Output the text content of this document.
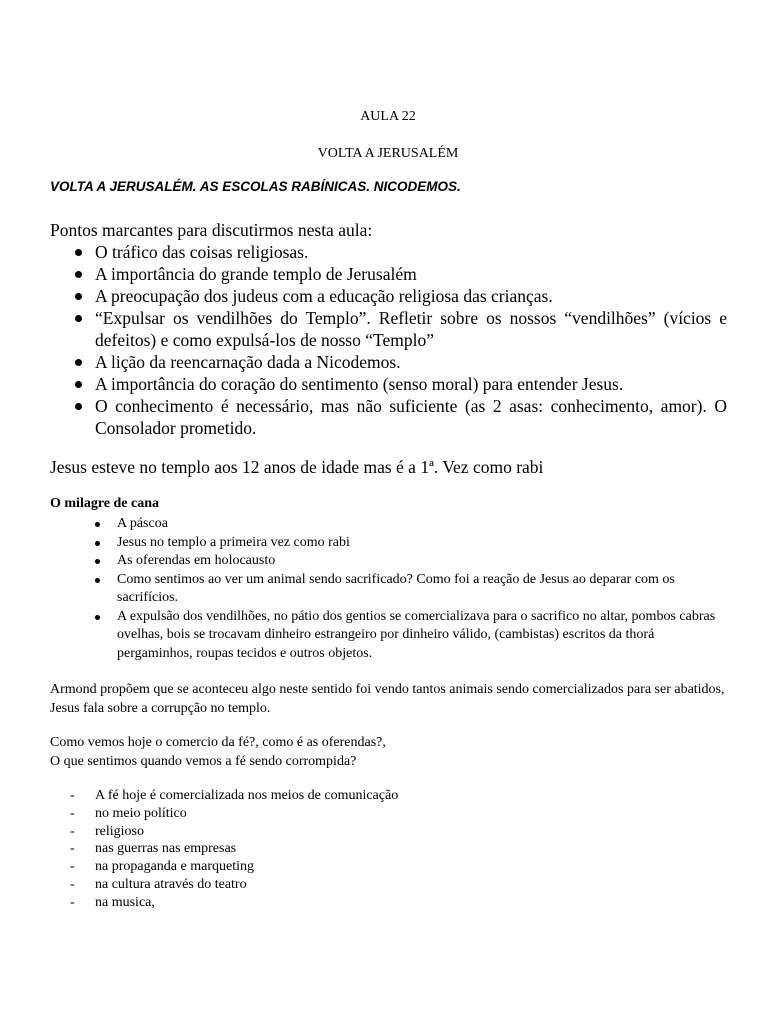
AULA 22
VOLTA A JERUSALÉM
VOLTA A JERUSALÉM. AS ESCOLAS RABÍNICAS. NICODEMOS.
Pontos marcantes para discutirmos nesta aula:
O tráfico das coisas religiosas.
A importância do grande templo de Jerusalém
A preocupação dos judeus com a educação religiosa das crianças.
“Expulsar os vendilhões do Templo”. Refletir sobre os nossos “vendilhões” (vícios e defeitos) e como expulsá-los de nosso “Templo”
A lição da reencarnação dada a Nicodemos.
A importância do coração do sentimento (senso moral) para entender Jesus.
O conhecimento é necessário, mas não suficiente (as 2 asas: conhecimento, amor). O Consolador prometido.
Jesus esteve no templo aos 12 anos de idade mas é a 1ª. Vez como rabi
O milagre de cana
A páscoa
Jesus no templo a primeira vez como rabi
As oferendas em holocausto
Como sentimos ao ver um animal sendo sacrificado? Como foi a reação de Jesus ao deparar com os sacrifícios.
A expulsão dos vendilhões, no pátio dos gentios se comercializava para o sacrifico no altar, pombos cabras ovelhas, bois se trocavam dinheiro estrangeiro por dinheiro válido, (cambistas) escritos da thorá pergaminhos, roupas tecidos e outros objetos.
Armond propõem que se aconteceu algo neste sentido foi vendo tantos animais sendo comercializados para ser abatidos, Jesus fala sobre a corrupção no templo.
Como vemos hoje o comercio da fé?, como é as oferendas?,
O que sentimos quando vemos a fé sendo corrompida?
- A fé hoje é comercializada nos meios de comunicação
- no meio político
- religioso
- nas guerras nas empresas
- na propaganda e marqueting
- na cultura através do teatro
- na musica,
